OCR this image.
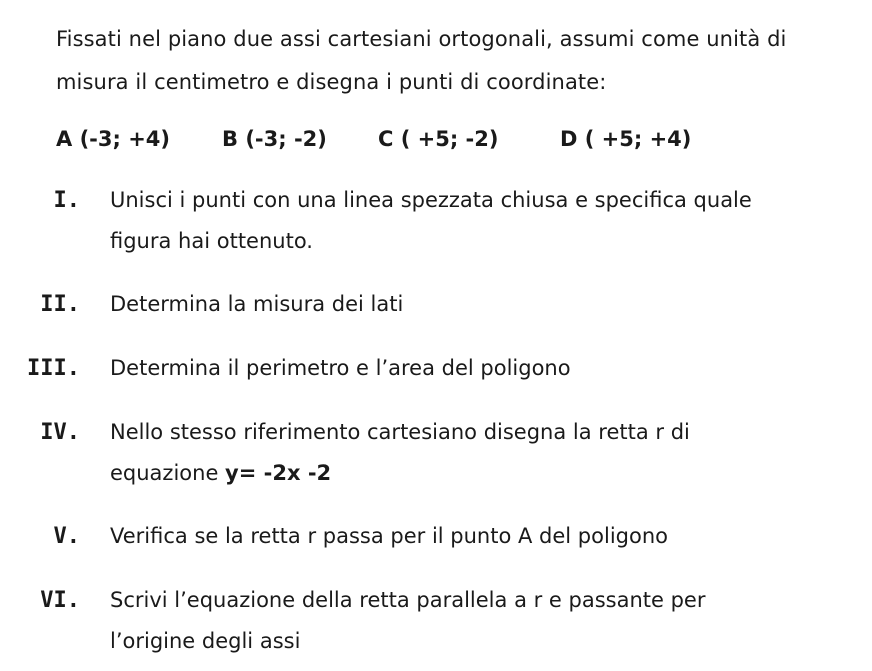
Fissati nel piano due assi cartesiani ortogonali, assumi come unità di
misura il centimetro e disegna i punti di coordinate:
A (-3; +4) B (-3; -2) C ( +5; -2)	D ( +5; +4)
I. Unisci i punti con una linea spezzata chiusa e specifica quale
figura hai ottenuto.
II. Determina la misura dei lati
III. Determina il perimetro e l’area del poligono
IV. Nello stesso riferimento cartesiano disegna la retta r di
equazione y= -2x -2
V. Verifica se la retta r passa per il punto A del poligono
VI. Scrivi l’equazione della retta parallela a r e passante per
l’origine degli assi
